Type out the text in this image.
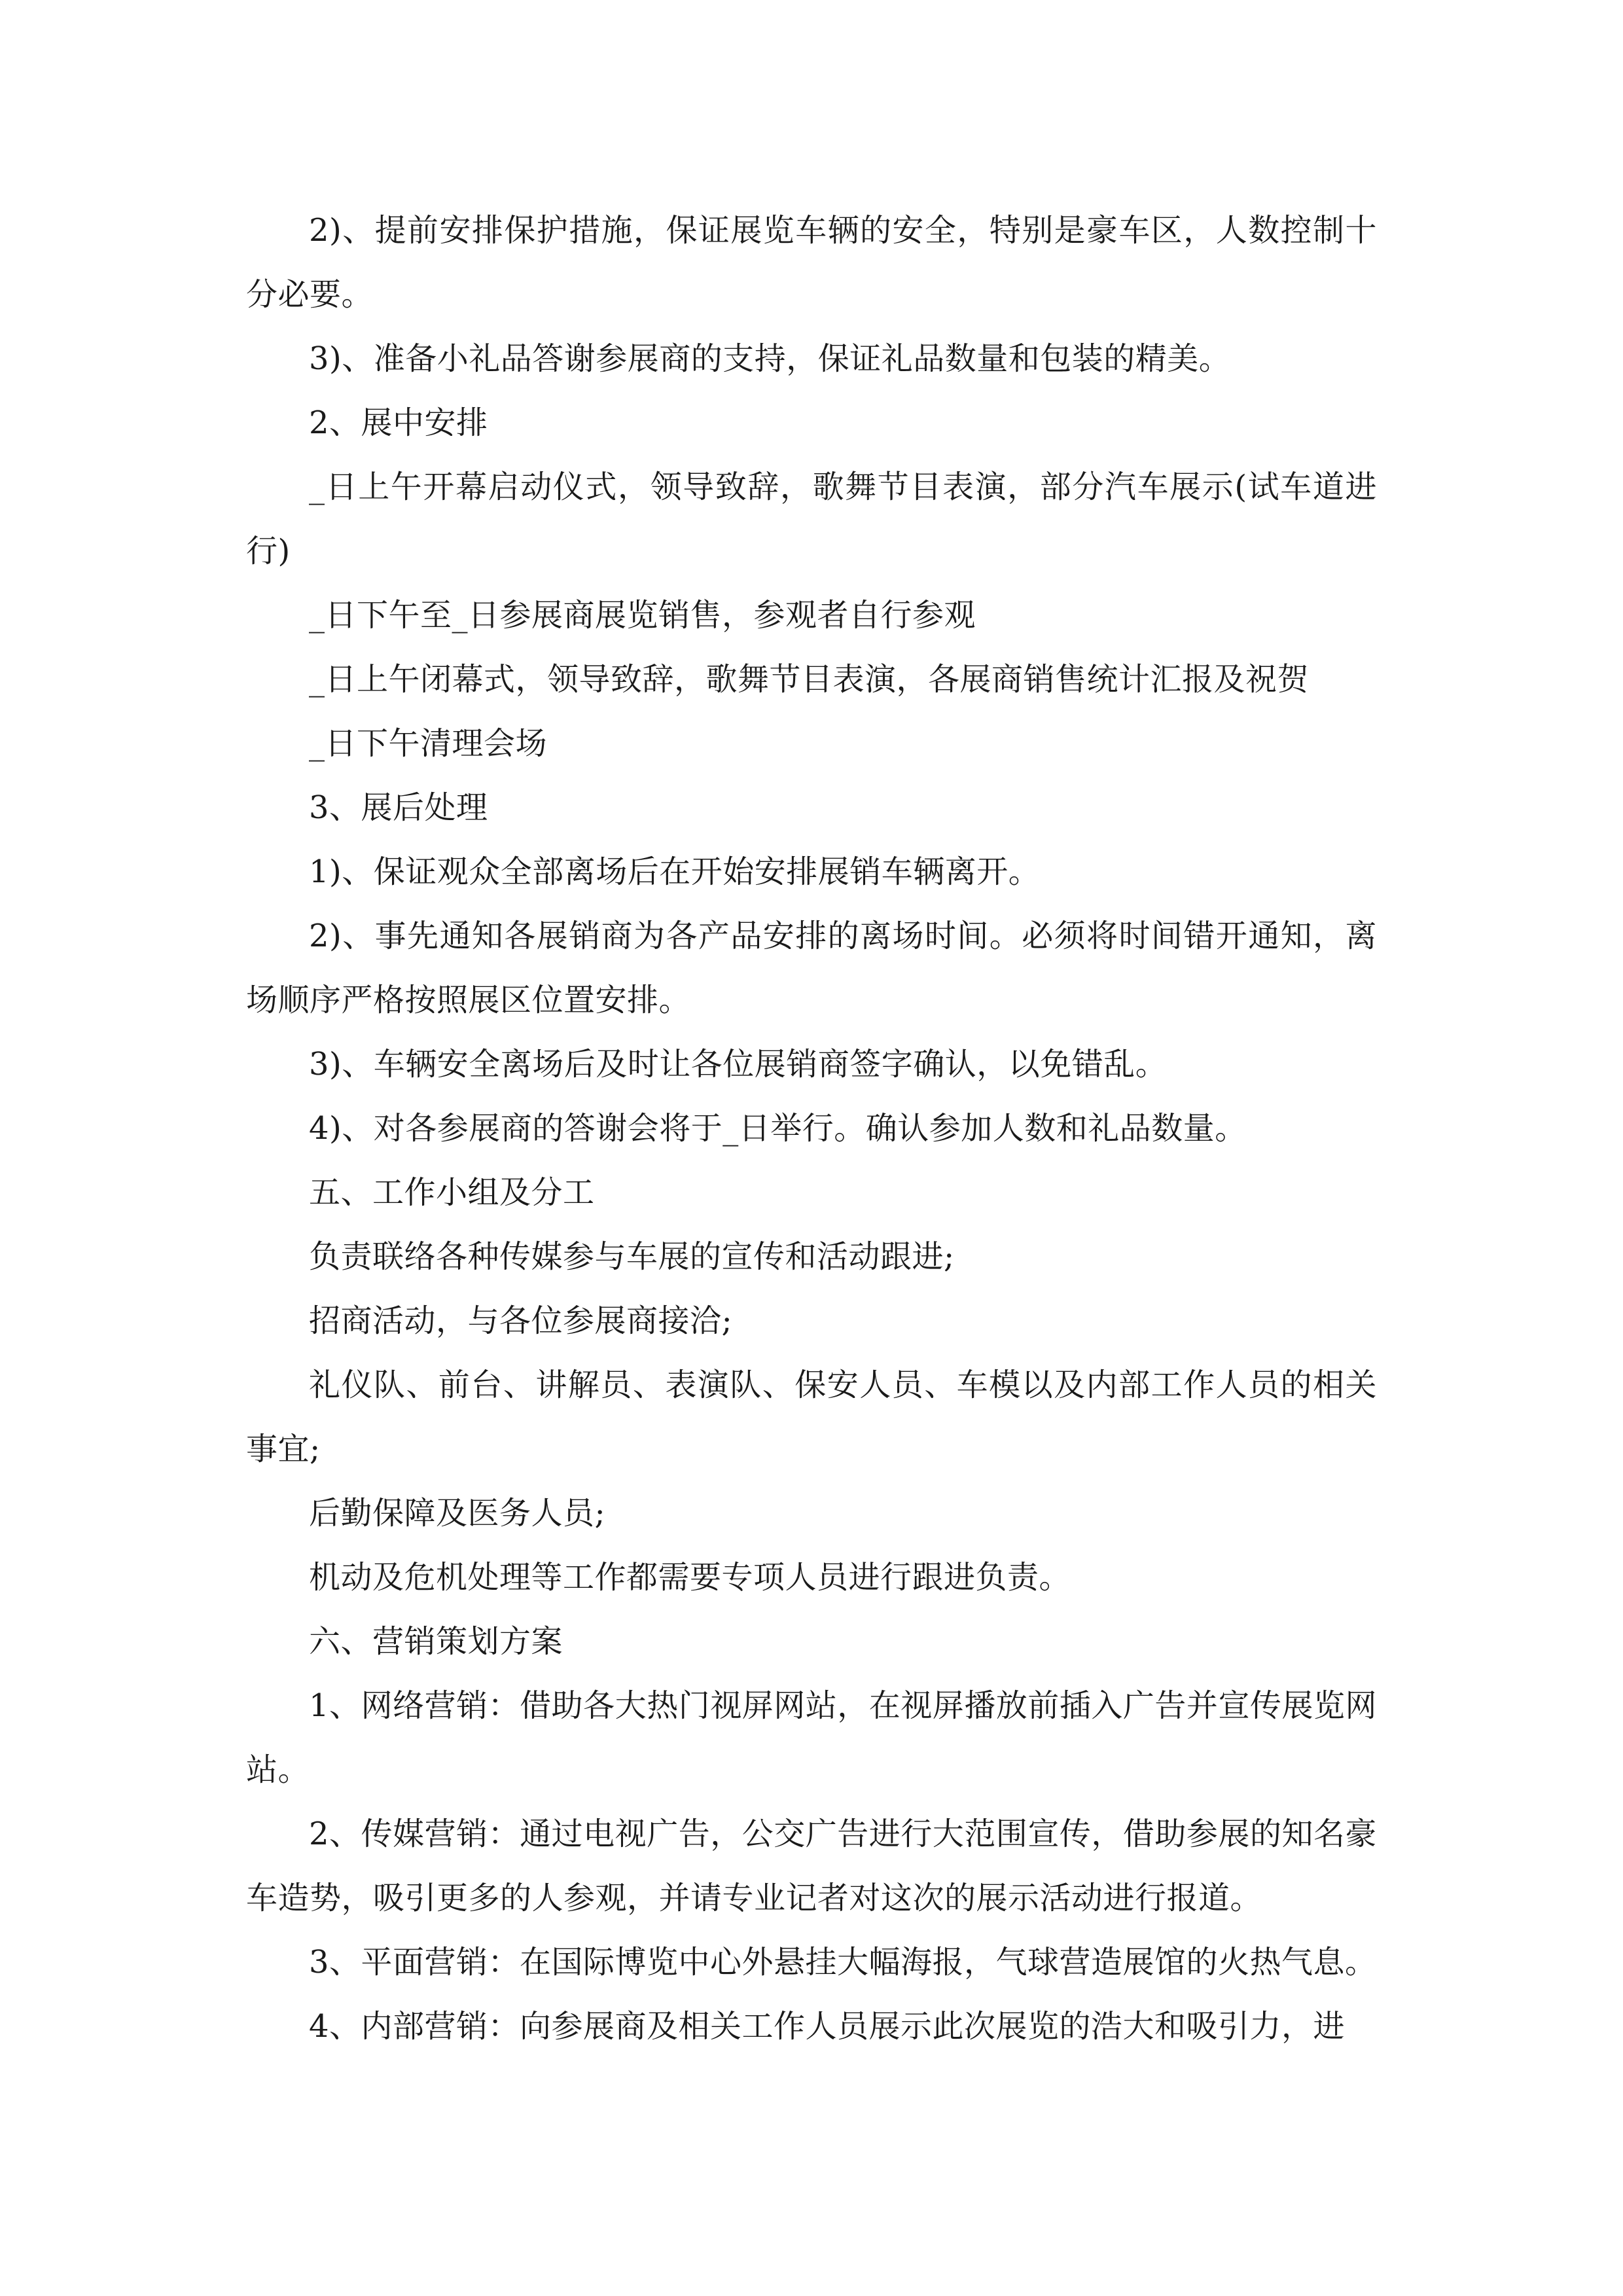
2)、提前安排保护措施，保证展览车辆的安全，特别是豪车区，人数控制十分必要。

3)、准备小礼品答谢参展商的支持，保证礼品数量和包装的精美。

2、展中安排

_日上午开幕启动仪式，领导致辞，歌舞节目表演，部分汽车展示(试车道进行)

_日下午至_日参展商展览销售，参观者自行参观

_日上午闭幕式，领导致辞，歌舞节目表演，各展商销售统计汇报及祝贺

_日下午清理会场

3、展后处理

1)、保证观众全部离场后在开始安排展销车辆离开。

2)、事先通知各展销商为各产品安排的离场时间。必须将时间错开通知，离场顺序严格按照展区位置安排。

3)、车辆安全离场后及时让各位展销商签字确认，以免错乱。

4)、对各参展商的答谢会将于_日举行。确认参加人数和礼品数量。

五、工作小组及分工

负责联络各种传媒参与车展的宣传和活动跟进;

招商活动，与各位参展商接洽;

礼仪队、前台、讲解员、表演队、保安人员、车模以及内部工作人员的相关事宜;

后勤保障及医务人员;

机动及危机处理等工作都需要专项人员进行跟进负责。

六、营销策划方案

1、网络营销：借助各大热门视屏网站，在视屏播放前插入广告并宣传展览网站。

2、传媒营销：通过电视广告，公交广告进行大范围宣传，借助参展的知名豪车造势，吸引更多的人参观，并请专业记者对这次的展示活动进行报道。

3、平面营销：在国际博览中心外悬挂大幅海报，气球营造展馆的火热气息。

4、内部营销：向参展商及相关工作人员展示此次展览的浩大和吸引力，进
